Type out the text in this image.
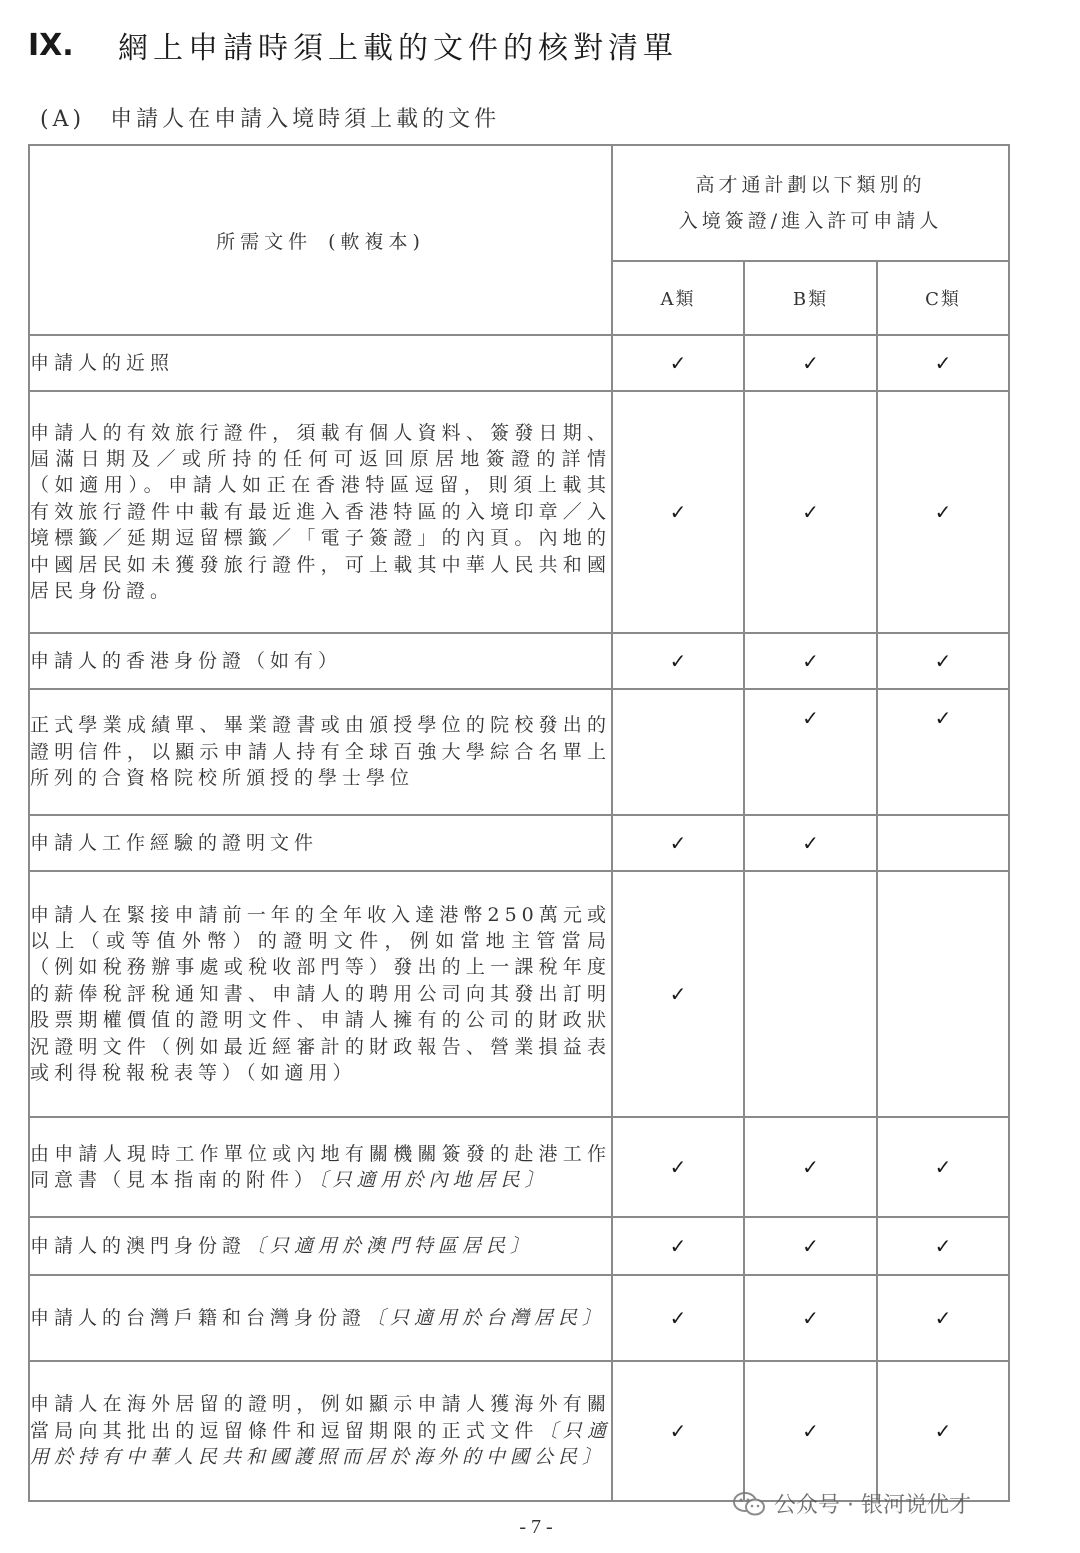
IX.	網上申請時須上載的文件的核對清單
(A) 申請人在申請入境時須上載的文件
所需文件 (軟複本)	高才通計劃以下類別的
入境簽證/進入許可申請人		

	A類	B類	C類
申請人的近照	✓	✓	✓
申請人的有效旅行證件，須載有個人資料、簽發日期、屆滿日期及／或所持的任何可返回原居地簽證的詳情（如適用）。申請人如正在香港特區逗留，則須上載其有效旅行證件中載有最近進入香港特區的入境印章／入境標籤／延期逗留標籤／「電子簽證」的內頁。內地的中國居民如未獲發旅行證件，可上載其中華人民共和國居民身份證。	✓	✓	✓
申請人的香港身份證（如有）	✓	✓	✓
正式學業成績單、畢業證書或由頒授學位的院校發出的證明信件，以顯示申請人持有全球百強大學綜合名單上所列的合資格院校所頒授的學士學位		✓	✓
申請人工作經驗的證明文件	✓	✓	
申請人在緊接申請前一年的全年收入達港幣250萬元或以上（或等值外幣）的證明文件，例如當地主管當局（例如稅務辦事處或稅收部門等）發出的上一課稅年度的薪俸稅評稅通知書、申請人的聘用公司向其發出訂明股票期權價值的證明文件、申請人擁有的公司的財政狀況證明文件（例如最近經審計的財政報告、營業損益表或利得稅報稅表等）（如適用）	✓		
由申請人現時工作單位或內地有關機關簽發的赴港工作同意書（見本指南的附件）〔只適用於內地居民〕	✓	✓	✓
申請人的澳門身份證〔只適用於澳門特區居民〕	✓	✓	✓
申請人的台灣戶籍和台灣身份證〔只適用於台灣居民〕	✓	✓	✓
申請人在海外居留的證明，例如顯示申請人獲海外有關當局向其批出的逗留條件和逗留期限的正式文件〔只適用於持有中華人民共和國護照而居於海外的中國公民〕	✓	✓	✓
- 7 -
公众号 · 银河说优才
